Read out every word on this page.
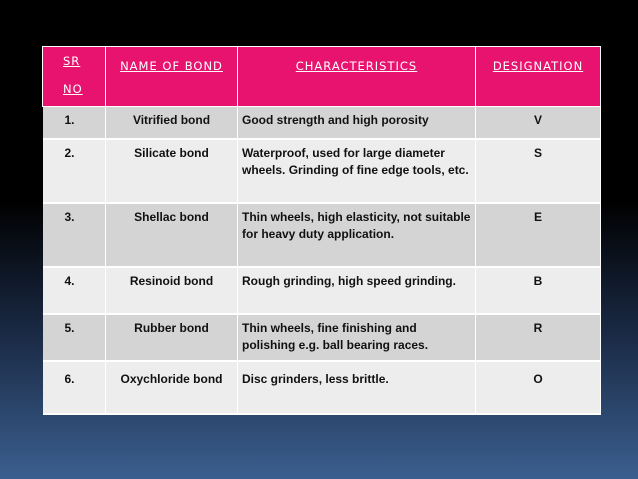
SR
NO	NAME OF BOND	CHARACTERISTICS	DESIGNATION
1.	Vitrified bond	Good strength and high porosity	V
2.	Silicate bond	Waterproof, used for large diameter wheels. Grinding of fine edge tools, etc.	S
3.	Shellac bond	Thin wheels, high elasticity, not suitable for heavy duty application.	E
4.	Resinoid bond	Rough grinding, high speed grinding.	B
5.	Rubber bond	Thin wheels, fine finishing and polishing e.g. ball bearing races.	R
6.	Oxychloride bond	Disc grinders, less brittle.	O
